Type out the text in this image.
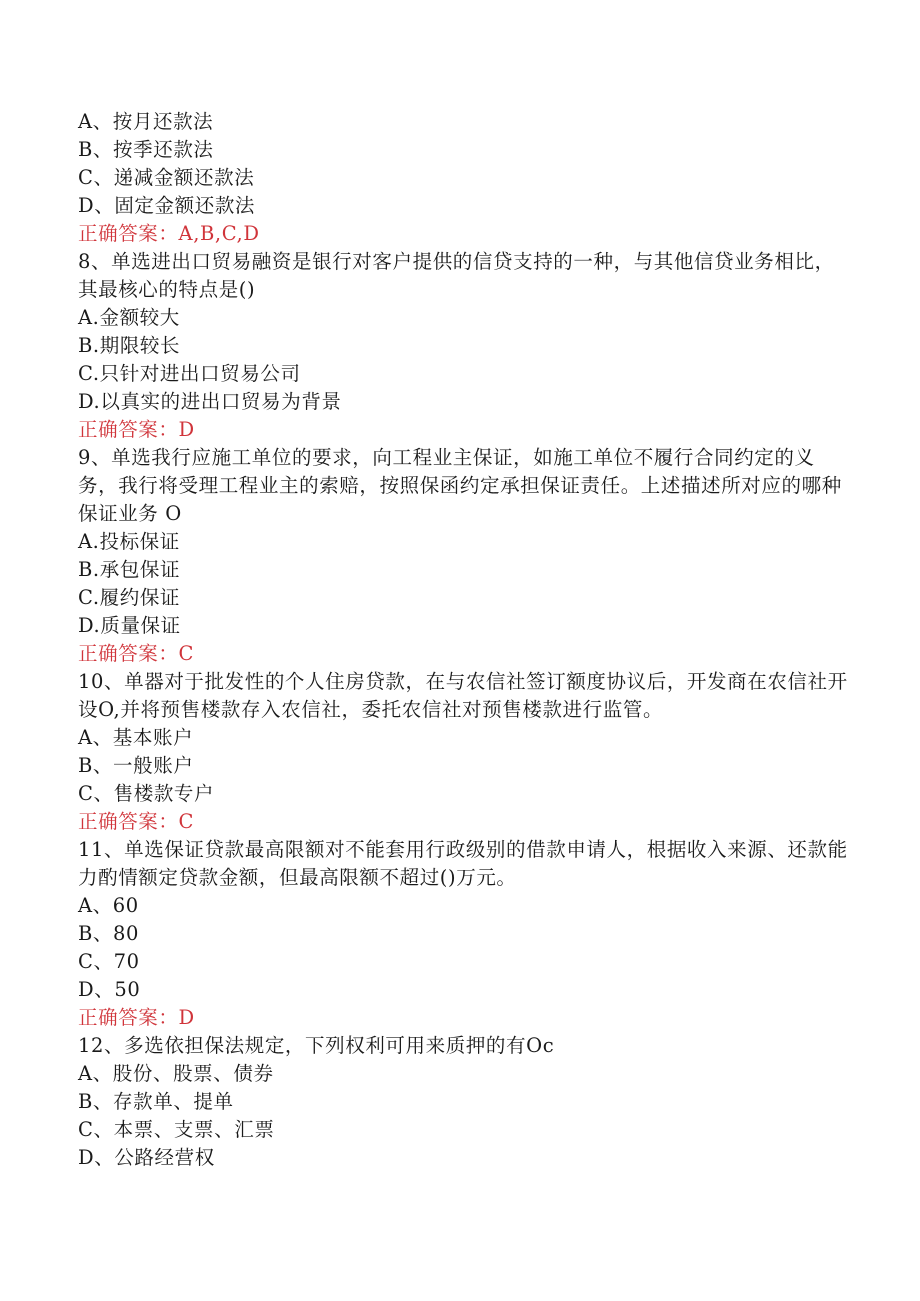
A、按月还款法
B、按季还款法
C、递减金额还款法
D、固定金额还款法
正确答案：A,B,C,D
8、单选进出口贸易融资是银行对客户提供的信贷支持的一种，与其他信贷业务相比，其最核心的特点是()
A.金额较大
B.期限较长
C.只针对进出口贸易公司
D.以真实的进出口贸易为背景
正确答案：D
9、单选我行应施工单位的要求，向工程业主保证，如施工单位不履行合同约定的义务，我行将受理工程业主的索赔，按照保函约定承担保证责任。上述描述所对应的哪种保证业务 O
A.投标保证
B.承包保证
C.履约保证
D.质量保证
正确答案：C
10、单器对于批发性的个人住房贷款，在与农信社签订额度协议后，开发商在农信社开设O,并将预售楼款存入农信社，委托农信社对预售楼款进行监管。
A、基本账户
B、一般账户
C、售楼款专户
正确答案：C
11、单选保证贷款最高限额对不能套用行政级别的借款申请人，根据收入来源、还款能力酌情额定贷款金额，但最高限额不超过()万元。
A、60
B、80
C、70
D、50
正确答案：D
12、多选依担保法规定，下列权利可用来质押的有Oc
A、股份、股票、债券
B、存款单、提单
C、本票、支票、汇票
D、公路经营权
